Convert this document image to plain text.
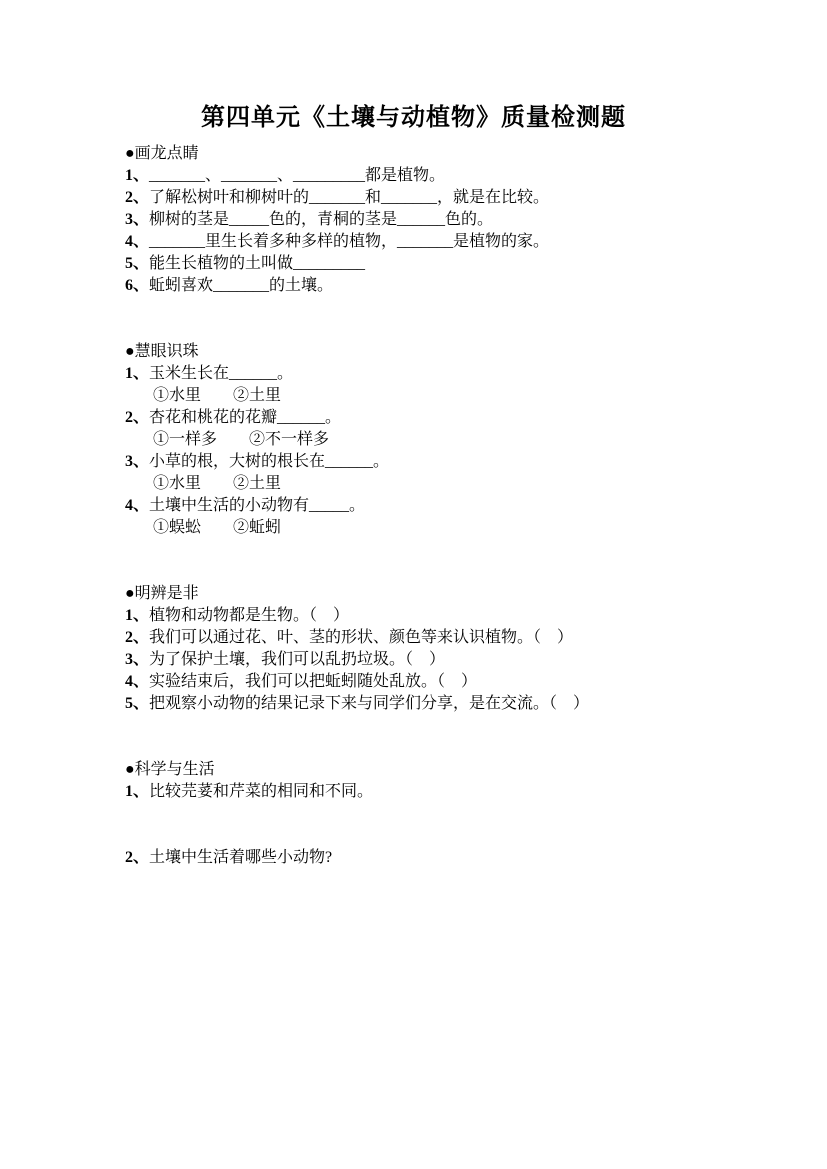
第四单元《土壤与动植物》质量检测题
●画龙点睛
1、_______、_______、_________都是植物。
2、了解松树叶和柳树叶的_______和_______，就是在比较。
3、柳树的茎是_____色的，青桐的茎是______色的。
4、_______里生长着多种多样的植物，_______是植物的家。
5、能生长植物的土叫做_________
6、蚯蚓喜欢_______的土壤。
●慧眼识珠
1、玉米生长在______。
①水里　　②土里
2、杏花和桃花的花瓣______。
①一样多　　②不一样多
3、小草的根，大树的根长在______。
①水里　　②土里
4、土壤中生活的小动物有_____。
①蜈蚣　　②蚯蚓
●明辨是非
1、植物和动物都是生物。（　）
2、我们可以通过花、叶、茎的形状、颜色等来认识植物。（　）
3、为了保护土壤，我们可以乱扔垃圾。（　）
4、实验结束后，我们可以把蚯蚓随处乱放。（　）
5、把观察小动物的结果记录下来与同学们分享，是在交流。（　）
●科学与生活
1、比较芫荽和芹菜的相同和不同。
2、土壤中生活着哪些小动物?
